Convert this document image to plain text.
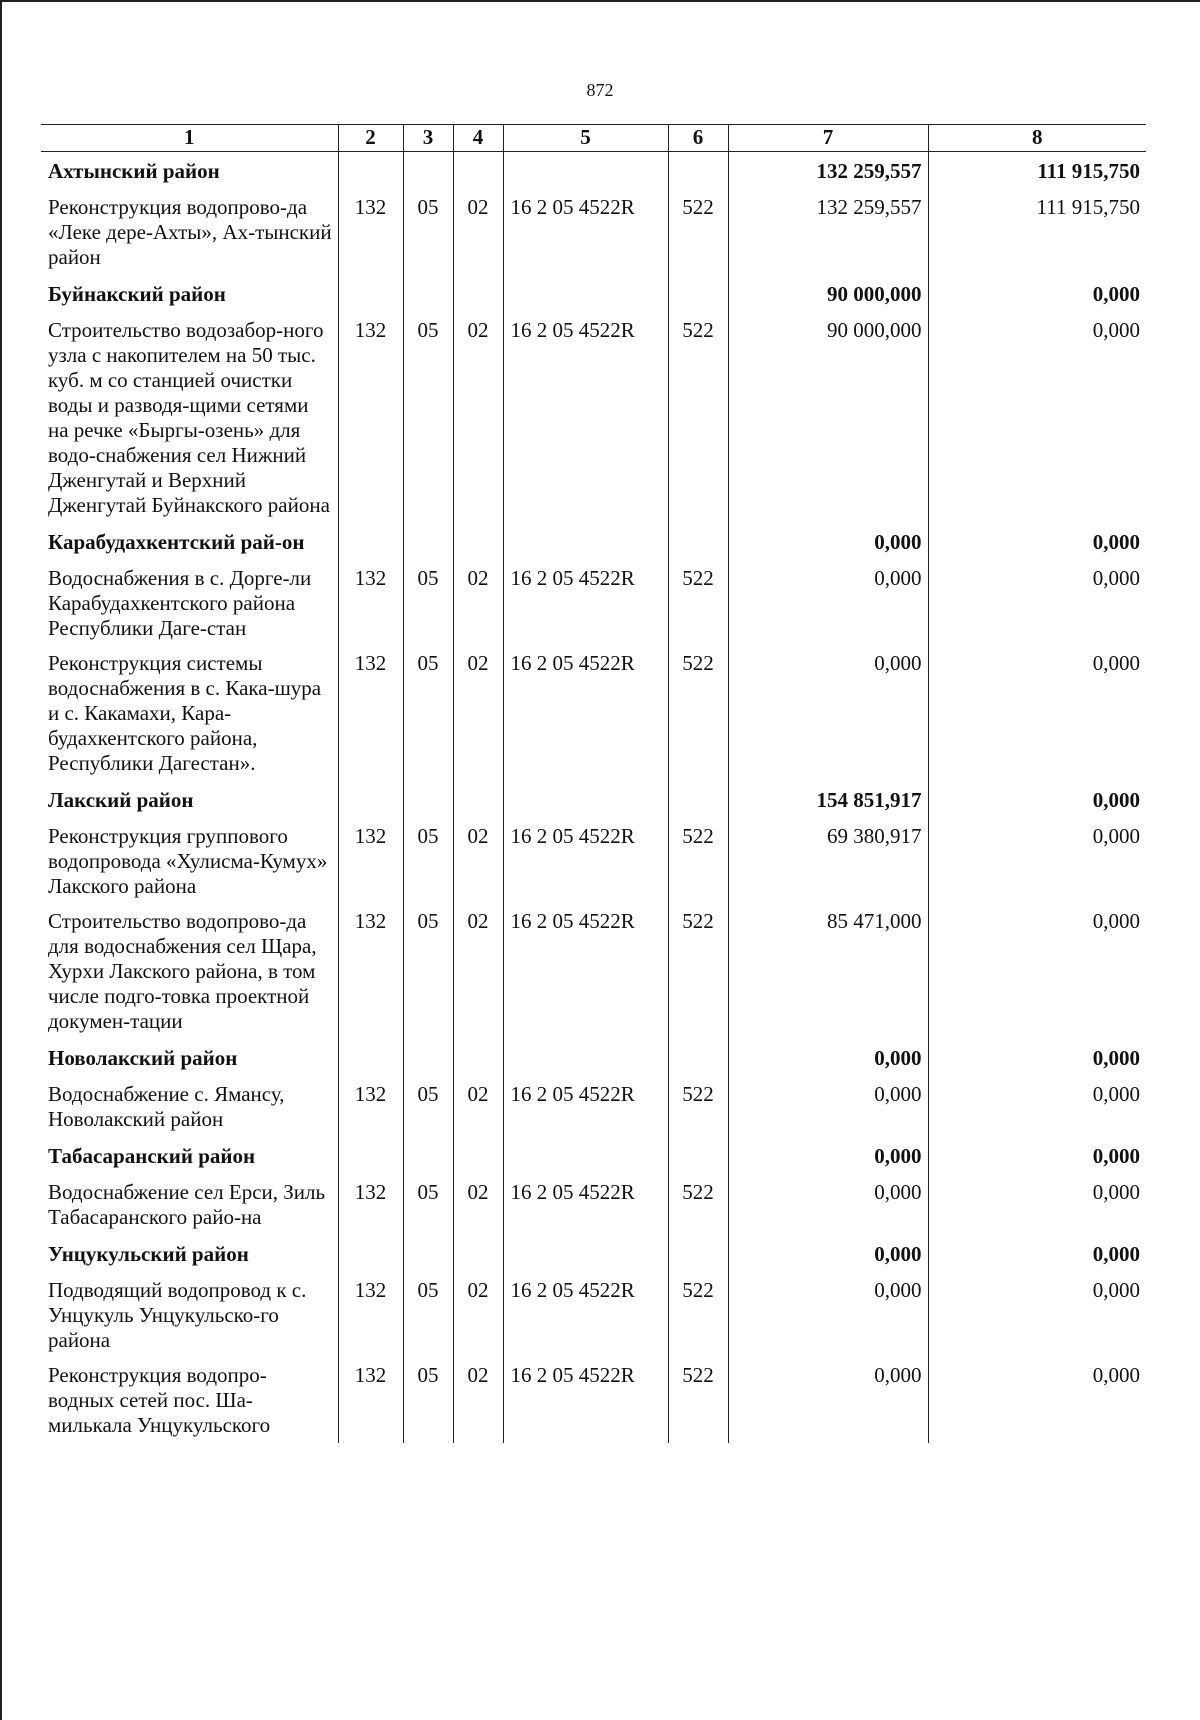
872
1	2	3	4	5	6	7	8
Ахтынский район						132 259,557	111 915,750
Реконструкция водопрово-да «Леке дере-Ахты», Ах-тынский район	132	05	02	16 2 05 4522R	522	132 259,557	111 915,750
Буйнакский район						90 000,000	0,000
Строительство водозабор-ного узла с накопителем на 50 тыс. куб. м со станцией очистки воды и разводя-щими сетями на речке «Быргы-озень» для водо-снабжения сел Нижний Дженгутай и Верхний Дженгутай Буйнакского района	132	05	02	16 2 05 4522R	522	90 000,000	0,000
Карабудахкентский рай-он						0,000	0,000
Водоснабжения в с. Дорге-ли Карабудахкентского района Республики Даге-стан	132	05	02	16 2 05 4522R	522	0,000	0,000
Реконструкция системы водоснабжения в с. Кака-шура и с. Какамахи, Кара-будахкентского района, Республики Дагестан».	132	05	02	16 2 05 4522R	522	0,000	0,000
Лакский район						154 851,917	0,000
Реконструкция группового водопровода «Хулисма-Кумух» Лакского района	132	05	02	16 2 05 4522R	522	69 380,917	0,000
Строительство водопрово-да для водоснабжения сел Щара, Хурхи Лакского района, в том числе подго-товка проектной докумен-тации	132	05	02	16 2 05 4522R	522	85 471,000	0,000
Новолакский район						0,000	0,000
Водоснабжение с. Ямансу, Новолакский район	132	05	02	16 2 05 4522R	522	0,000	0,000
Табасаранский район						0,000	0,000
Водоснабжение сел Ерси, Зиль Табасаранского райо-на	132	05	02	16 2 05 4522R	522	0,000	0,000
Унцукульский район						0,000	0,000
Подводящий водопровод к с. Унцукуль Унцукульско-го района	132	05	02	16 2 05 4522R	522	0,000	0,000
Реконструкция водопро-водных сетей пос. Ша-милькала Унцукульского	132	05	02	16 2 05 4522R	522	0,000	0,000
